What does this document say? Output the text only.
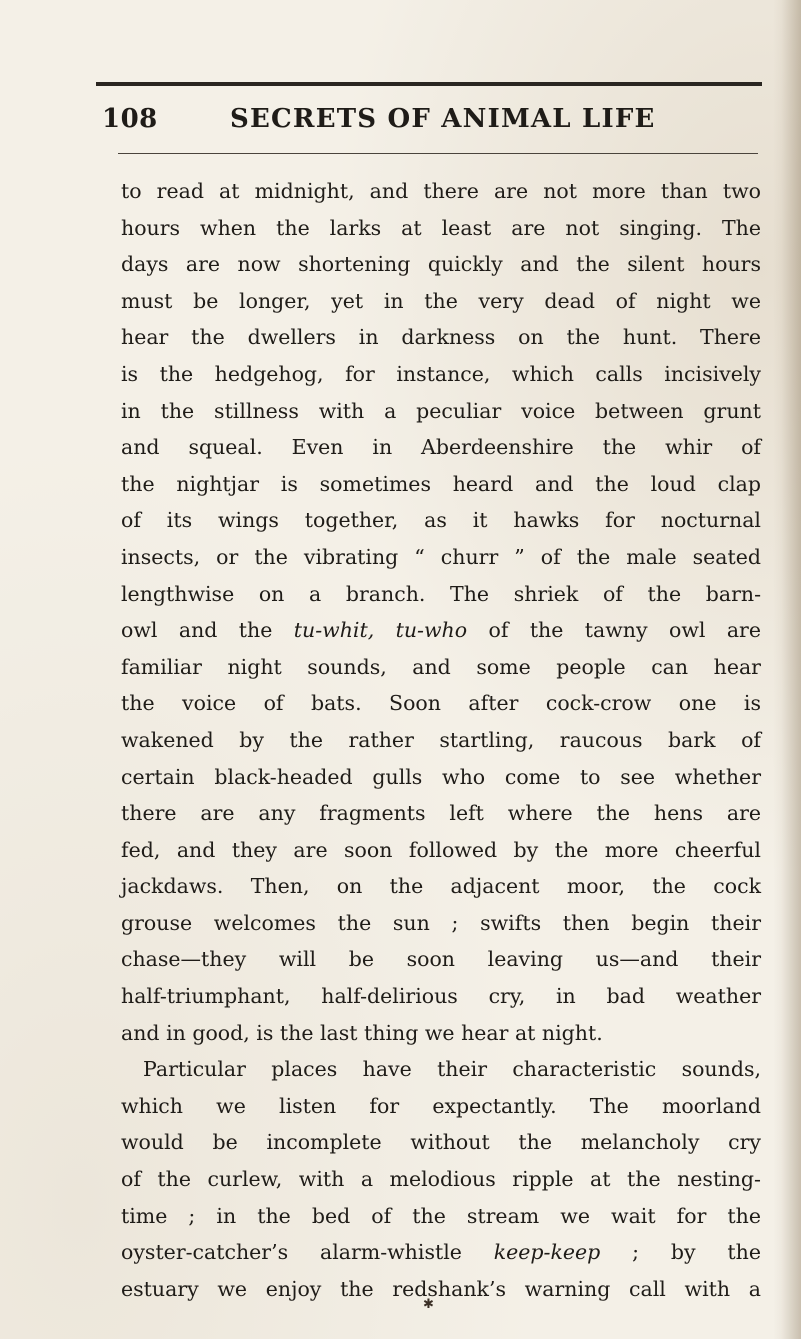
108	SECRETS OF ANIMAL LIFE
to read at midnight, and there are not more than two
hours when the larks at least are not singing. The
days are now shortening quickly and the silent hours
must be longer, yet in the very dead of night we
hear the dwellers in darkness on the hunt. There
is the hedgehog, for instance, which calls incisively
in the stillness with a peculiar voice between grunt
and squeal. Even in Aberdeenshire the whir of
the nightjar is sometimes heard and the loud clap
of its wings together, as it hawks for nocturnal
insects, or the vibrating “ churr ” of the male seated
lengthwise on a branch. The shriek of the barn-
owl and the tu-whit, tu-who of the tawny owl are
familiar night sounds, and some people can hear
the voice of bats. Soon after cock-crow one is
wakened by the rather startling, raucous bark of
certain black-headed gulls who come to see whether
there are any fragments left where the hens are
fed, and they are soon followed by the more cheerful
jackdaws. Then, on the adjacent moor, the cock
grouse welcomes the sun ; swifts then begin their
chase—they will be soon leaving us—and their
half-triumphant, half-delirious cry, in bad weather
and in good, is the last thing we hear at night.
Particular places have their characteristic sounds,
which we listen for expectantly. The moorland
would be incomplete without the melancholy cry
of the curlew, with a melodious ripple at the nesting-
time ; in the bed of the stream we wait for the
oyster-catcher’s alarm-whistle keep-keep ; by the
estuary we enjoy the redshank’s warning call with a
✱
